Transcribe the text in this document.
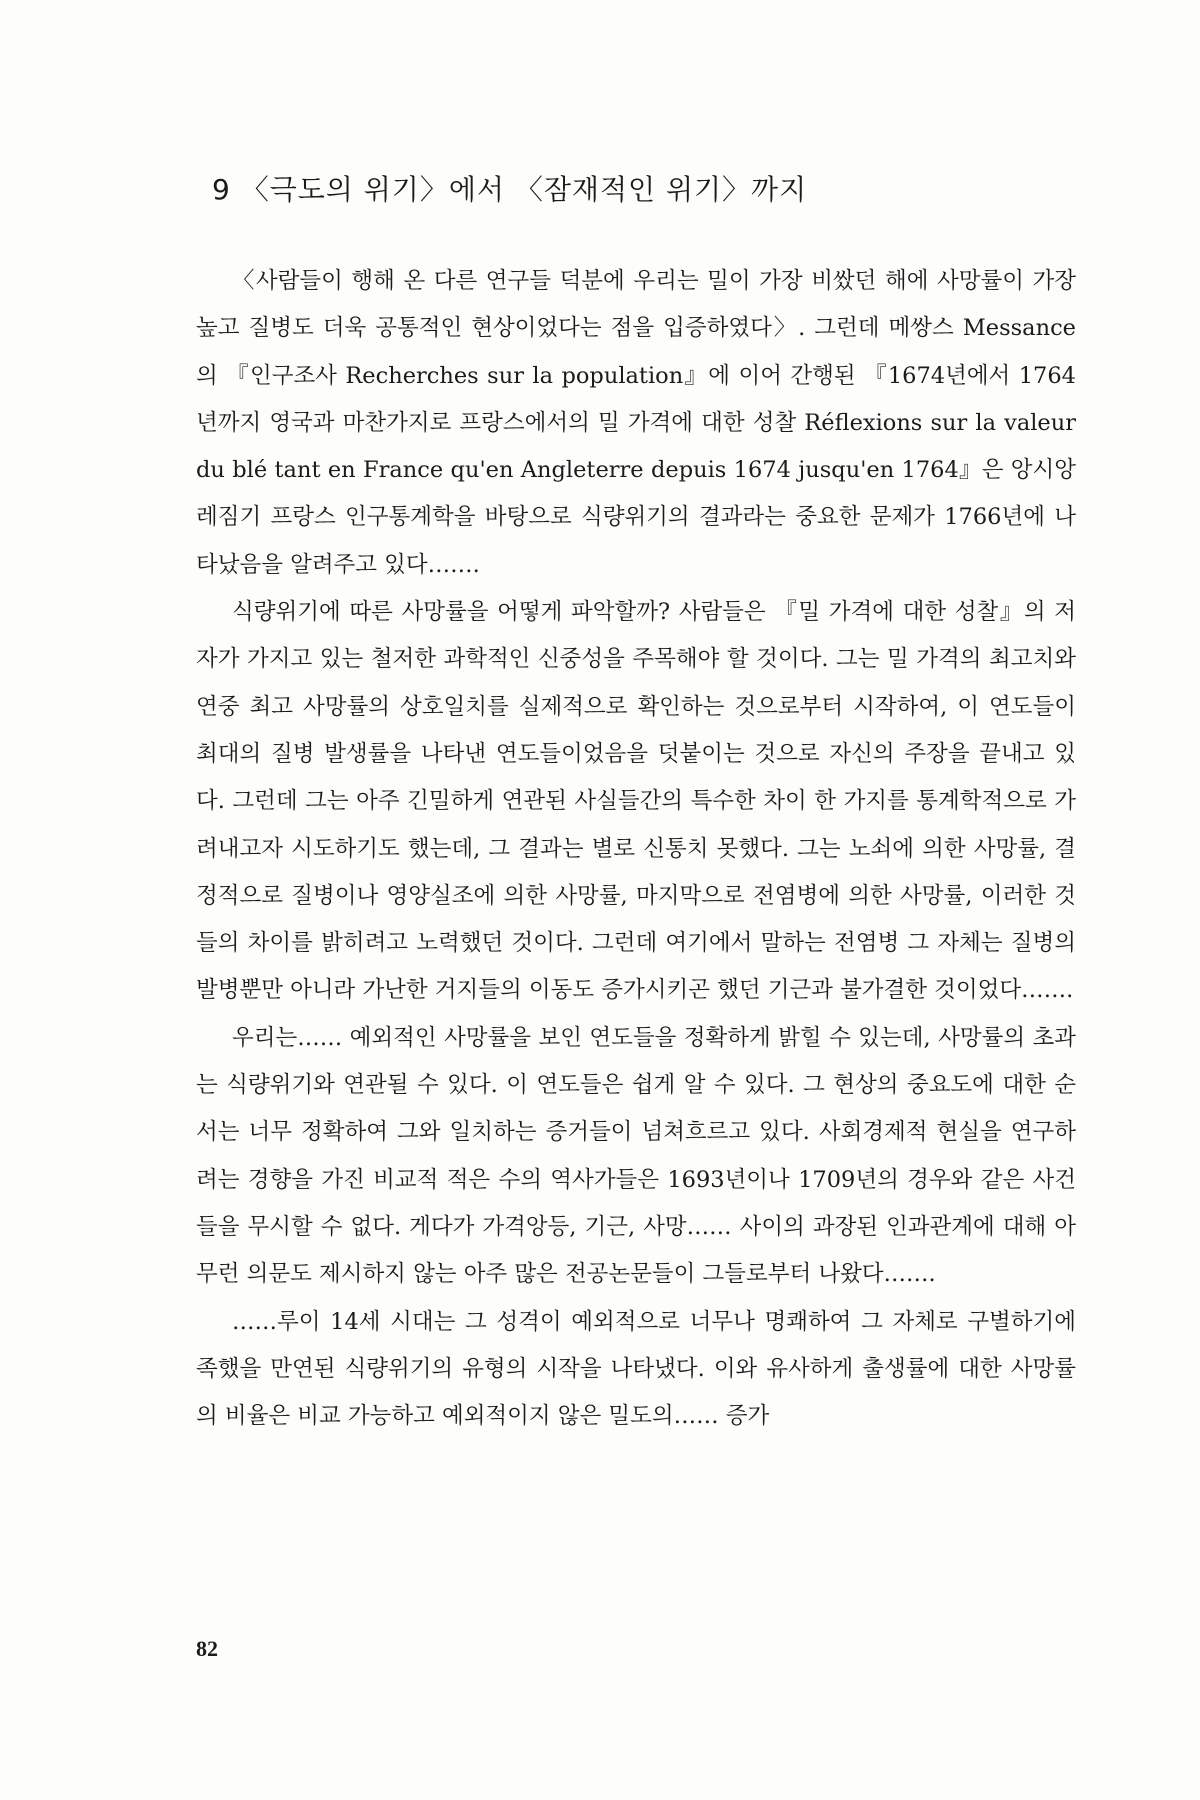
9 〈극도의 위기〉에서 〈잠재적인 위기〉까지

〈사람들이 행해 온 다른 연구들 덕분에 우리는 밀이 가장 비쌌던 해에 사망률이 가장 높고 질병도 더욱 공통적인 현상이었다는 점을 입증하였다〉. 그런데 메쌍스 Messance의 『인구조사 Recherches sur la population』에 이어 간행된 『1674년에서 1764년까지 영국과 마찬가지로 프랑스에서의 밀 가격에 대한 성찰 Réflexions sur la valeur du blé tant en France qu'en Angleterre depuis 1674 jusqu'en 1764』은 앙시앙 레짐기 프랑스 인구통계학을 바탕으로 식량위기의 결과라는 중요한 문제가 1766년에 나타났음을 알려주고 있다…….

식량위기에 따른 사망률을 어떻게 파악할까? 사람들은 『밀 가격에 대한 성찰』의 저자가 가지고 있는 철저한 과학적인 신중성을 주목해야 할 것이다. 그는 밀 가격의 최고치와 연중 최고 사망률의 상호일치를 실제적으로 확인하는 것으로부터 시작하여, 이 연도들이 최대의 질병 발생률을 나타낸 연도들이었음을 덧붙이는 것으로 자신의 주장을 끝내고 있다. 그런데 그는 아주 긴밀하게 연관된 사실들간의 특수한 차이 한 가지를 통계학적으로 가려내고자 시도하기도 했는데, 그 결과는 별로 신통치 못했다. 그는 노쇠에 의한 사망률, 결정적으로 질병이나 영양실조에 의한 사망률, 마지막으로 전염병에 의한 사망률, 이러한 것들의 차이를 밝히려고 노력했던 것이다. 그런데 여기에서 말하는 전염병 그 자체는 질병의 발병뿐만 아니라 가난한 거지들의 이동도 증가시키곤 했던 기근과 불가결한 것이었다…….

우리는…… 예외적인 사망률을 보인 연도들을 정확하게 밝힐 수 있는데, 사망률의 초과는 식량위기와 연관될 수 있다. 이 연도들은 쉽게 알 수 있다. 그 현상의 중요도에 대한 순서는 너무 정확하여 그와 일치하는 증거들이 넘쳐흐르고 있다. 사회경제적 현실을 연구하려는 경향을 가진 비교적 적은 수의 역사가들은 1693년이나 1709년의 경우와 같은 사건들을 무시할 수 없다. 게다가 가격앙등, 기근, 사망…… 사이의 과장된 인과관계에 대해 아무런 의문도 제시하지 않는 아주 많은 전공논문들이 그들로부터 나왔다…….

……루이 14세 시대는 그 성격이 예외적으로 너무나 명쾌하여 그 자체로 구별하기에 족했을 만연된 식량위기의 유형의 시작을 나타냈다. 이와 유사하게 출생률에 대한 사망률의 비율은 비교 가능하고 예외적이지 않은 밀도의…… 증가

82
